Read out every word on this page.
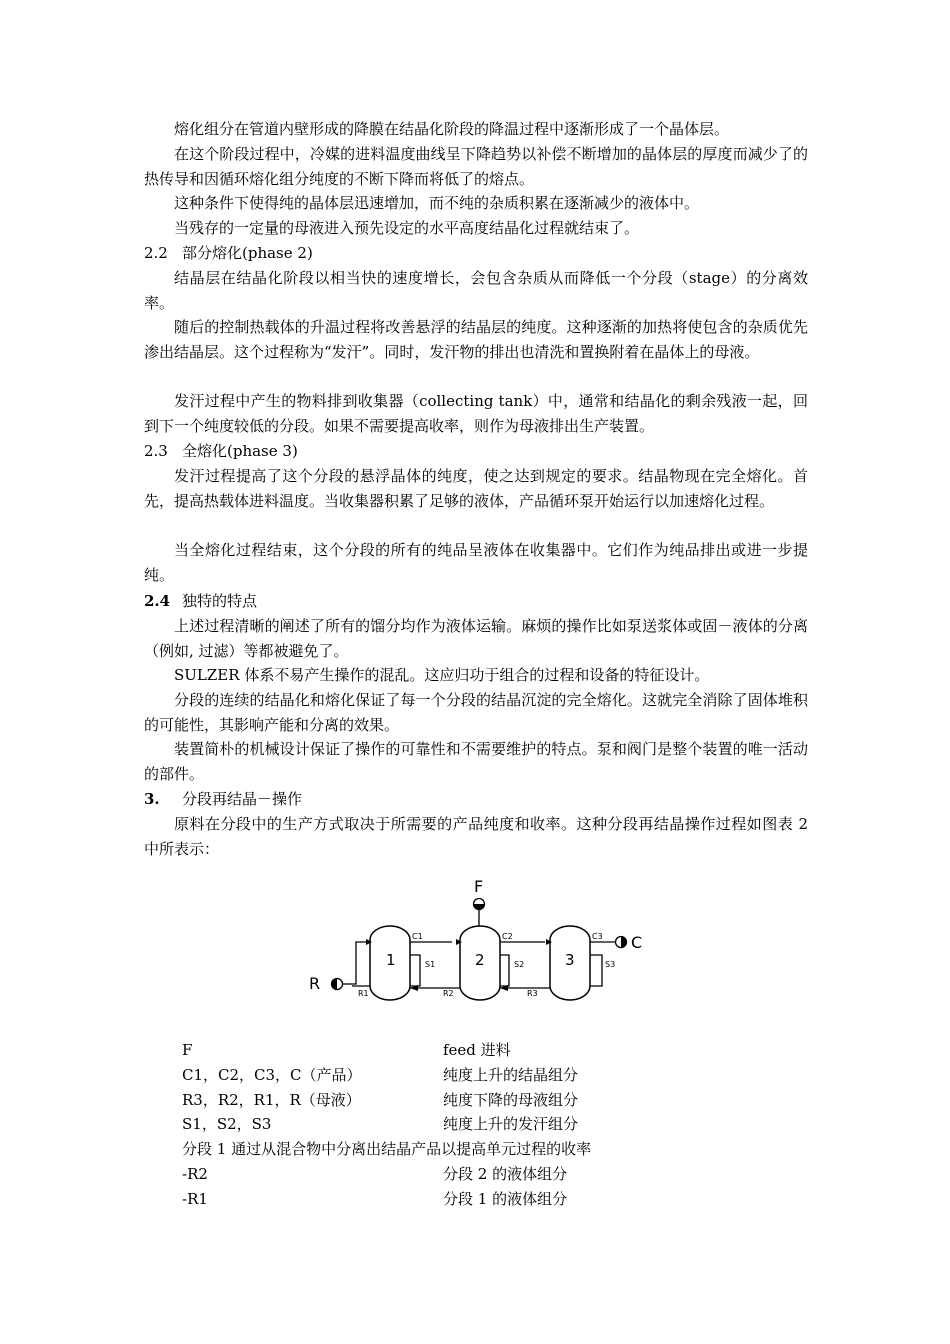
熔化组分在管道内壁形成的降膜在结晶化阶段的降温过程中逐渐形成了一个晶体层。

在这个阶段过程中，冷媒的进料温度曲线呈下降趋势以补偿不断增加的晶体层的厚度而减少了的热传导和因循环熔化组分纯度的不断下降而将低了的熔点。

这种条件下使得纯的晶体层迅速增加，而不纯的杂质积累在逐渐减少的液体中。

当残存的一定量的母液进入预先设定的水平高度结晶化过程就结束了。

2.2 部分熔化(phase 2)

结晶层在结晶化阶段以相当快的速度增长，会包含杂质从而降低一个分段（stage）的分离效率。

随后的控制热载体的升温过程将改善悬浮的结晶层的纯度。这种逐渐的加热将使包含的杂质优先渗出结晶层。这个过程称为“发汗”。同时，发汗物的排出也清洗和置换附着在晶体上的母液。

发汗过程中产生的物料排到收集器（collecting tank）中，通常和结晶化的剩余残液一起，回到下一个纯度较低的分段。如果不需要提高收率，则作为母液排出生产装置。

2.3 全熔化(phase 3)

发汗过程提高了这个分段的悬浮晶体的纯度，使之达到规定的要求。结晶物现在完全熔化。首先，提高热载体进料温度。当收集器积累了足够的液体，产品循环泵开始运行以加速熔化过程。

当全熔化过程结束，这个分段的所有的纯品呈液体在收集器中。它们作为纯品排出或进一步提纯。

2.4 独特的特点

上述过程清晰的阐述了所有的馏分均作为液体运输。麻烦的操作比如泵送浆体或固－液体的分离（例如, 过滤）等都被避免了。

SULZER 体系不易产生操作的混乱。这应归功于组合的过程和设备的特征设计。

分段的连续的结晶化和熔化保证了每一个分段的结晶沉淀的完全熔化。这就完全消除了固体堆积的可能性，其影响产能和分离的效果。

装置简朴的机械设计保证了操作的可靠性和不需要维护的特点。泵和阀门是整个装置的唯一活动的部件。

3. 分段再结晶－操作

原料在分段中的生产方式取决于所需要的产品纯度和收率。这种分段再结晶操作过程如图表 2 中所表示：

F
C
R
1	2	3
C1	C2	C3
S1	S2	S3
R1	R2	R3
F	feed 进料
C1，C2，C3，C（产品）	纯度上升的结晶组分
R3，R2，R1，R（母液）	纯度下降的母液组分
S1，S2，S3	纯度上升的发汗组分
分段 1 通过从混合物中分离出结晶产品以提高单元过程的收率
-R2	分段 2 的液体组分
-R1	分段 1 的液体组分
